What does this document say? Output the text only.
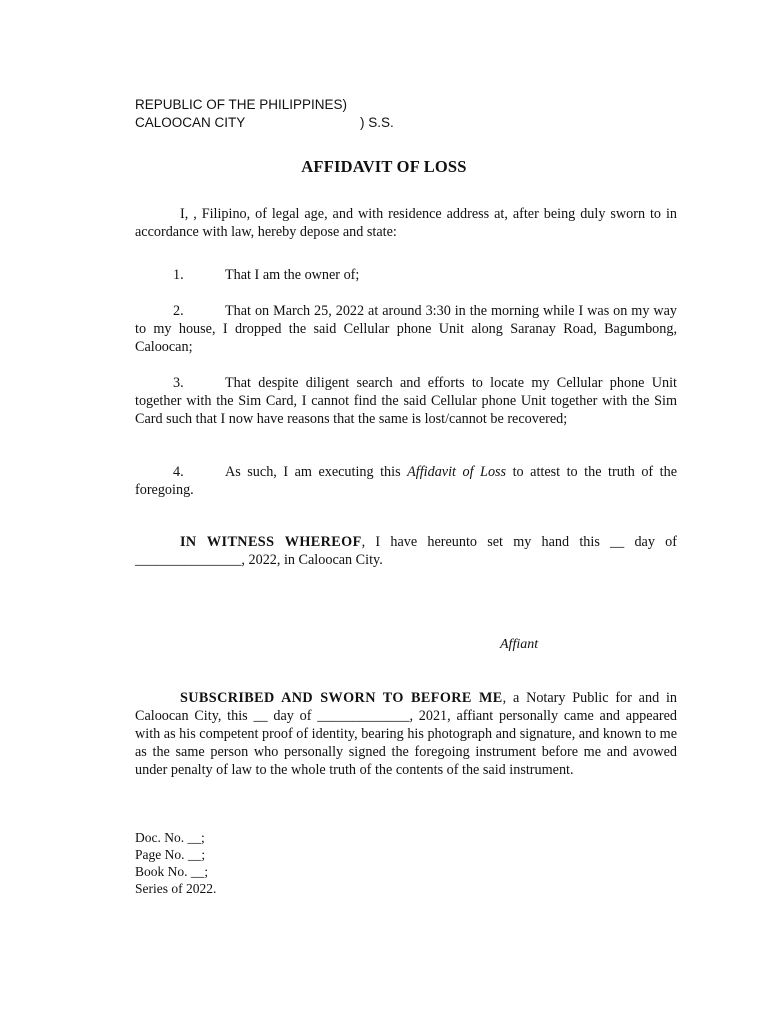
REPUBLIC OF THE PHILIPPINES)
CALOOCAN CITY	) S.S.
AFFIDAVIT OF LOSS
I, , Filipino, of legal age, and with residence address at, after being duly sworn to in accordance with law, hereby depose and state:
1.	That I am the owner of;
2.	That on March 25, 2022 at around 3:30 in the morning while I was on my way to my house, I dropped the said Cellular phone Unit along Saranay Road, Bagumbong, Caloocan;
3.	That despite diligent search and efforts to locate my Cellular phone Unit together with the Sim Card, I cannot find the said Cellular phone Unit together with the Sim Card such that I now have reasons that the same is lost/cannot be recovered;
4.	As such, I am executing this Affidavit of Loss to attest to the truth of the foregoing.
IN WITNESS WHEREOF, I have hereunto set my hand this __ day of _______________, 2022, in Caloocan City.
Affiant
SUBSCRIBED AND SWORN TO BEFORE ME, a Notary Public for and in Caloocan City, this __ day of _____________, 2021, affiant personally came and appeared with as his competent proof of identity, bearing his photograph and signature, and known to me as the same person who personally signed the foregoing instrument before me and avowed under penalty of law to the whole truth of the contents of the said instrument.
Doc. No. __;
Page No. __;
Book No. __;
Series of 2022.
